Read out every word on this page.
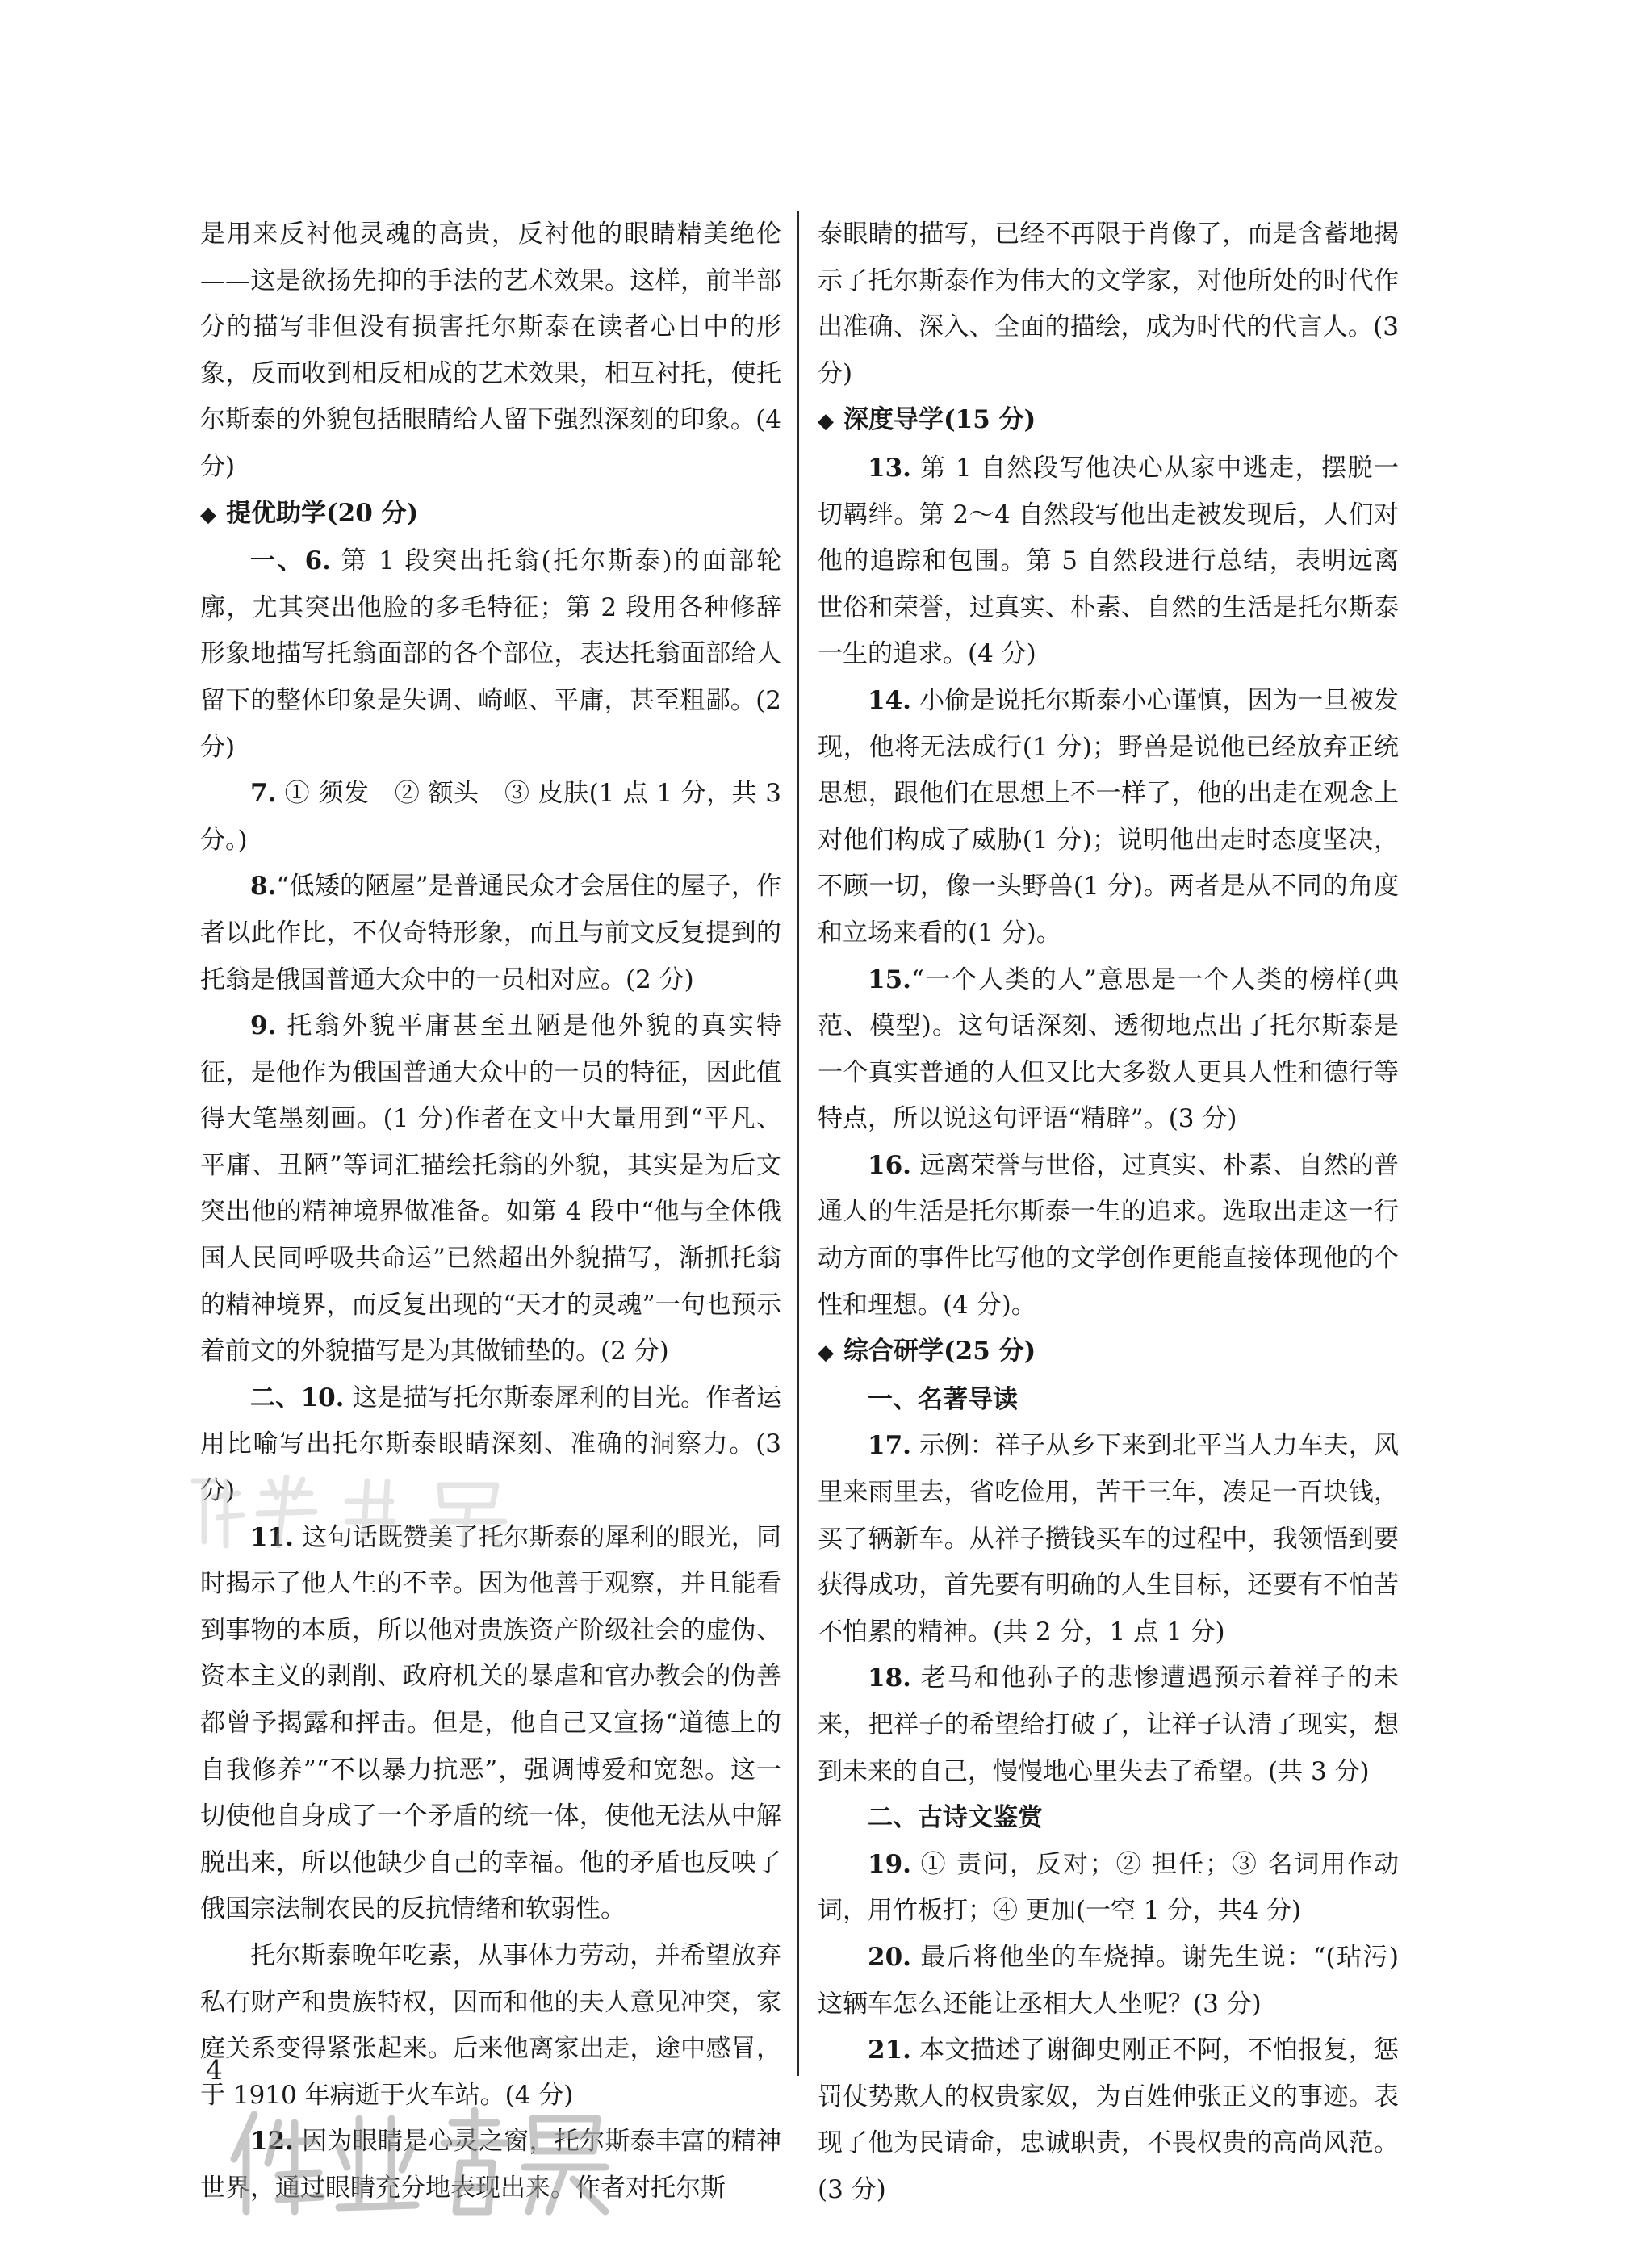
是用来反衬他灵魂的高贵，反衬他的眼睛精美绝伦——这是欲扬先抑的手法的艺术效果。这样，前半部分的描写非但没有损害托尔斯泰在读者心目中的形象，反而收到相反相成的艺术效果，相互衬托，使托尔斯泰的外貌包括眼睛给人留下强烈深刻的印象。(4 分)

◆ 提优助学(20 分)

一、6. 第 1 段突出托翁(托尔斯泰)的面部轮廓，尤其突出他脸的多毛特征；第 2 段用各种修辞形象地描写托翁面部的各个部位，表达托翁面部给人留下的整体印象是失调、崎岖、平庸，甚至粗鄙。(2 分)

7. ① 须发　② 额头　③ 皮肤(1 点 1 分，共 3 分。)

8.“低矮的陋屋”是普通民众才会居住的屋子，作者以此作比，不仅奇特形象，而且与前文反复提到的托翁是俄国普通大众中的一员相对应。(2 分)

9. 托翁外貌平庸甚至丑陋是他外貌的真实特征，是他作为俄国普通大众中的一员的特征，因此值得大笔墨刻画。(1 分)作者在文中大量用到“平凡、平庸、丑陋”等词汇描绘托翁的外貌，其实是为后文突出他的精神境界做准备。如第 4 段中“他与全体俄国人民同呼吸共命运”已然超出外貌描写，渐抓托翁的精神境界，而反复出现的“天才的灵魂”一句也预示着前文的外貌描写是为其做铺垫的。(2 分)

二、10. 这是描写托尔斯泰犀利的目光。作者运用比喻写出托尔斯泰眼睛深刻、准确的洞察力。(3 分)

11. 这句话既赞美了托尔斯泰的犀利的眼光，同时揭示了他人生的不幸。因为他善于观察，并且能看到事物的本质，所以他对贵族资产阶级社会的虚伪、资本主义的剥削、政府机关的暴虐和官办教会的伪善都曾予揭露和抨击。但是，他自己又宣扬“道德上的自我修养”“不以暴力抗恶”，强调博爱和宽恕。这一切使他自身成了一个矛盾的统一体，使他无法从中解脱出来，所以他缺少自己的幸福。他的矛盾也反映了俄国宗法制农民的反抗情绪和软弱性。

托尔斯泰晚年吃素，从事体力劳动，并希望放弃私有财产和贵族特权，因而和他的夫人意见冲突，家庭关系变得紧张起来。后来他离家出走，途中感冒，于 1910 年病逝于火车站。(4 分)

12. 因为眼睛是心灵之窗，托尔斯泰丰富的精神世界，通过眼睛充分地表现出来。作者对托尔斯

泰眼睛的描写，已经不再限于肖像了，而是含蓄地揭示了托尔斯泰作为伟大的文学家，对他所处的时代作出准确、深入、全面的描绘，成为时代的代言人。(3 分)

◆ 深度导学(15 分)

13. 第 1 自然段写他决心从家中逃走，摆脱一切羁绊。第 2～4 自然段写他出走被发现后，人们对他的追踪和包围。第 5 自然段进行总结，表明远离世俗和荣誉，过真实、朴素、自然的生活是托尔斯泰一生的追求。(4 分)

14. 小偷是说托尔斯泰小心谨慎，因为一旦被发现，他将无法成行(1 分)；野兽是说他已经放弃正统思想，跟他们在思想上不一样了，他的出走在观念上对他们构成了威胁(1 分)；说明他出走时态度坚决，不顾一切，像一头野兽(1 分)。两者是从不同的角度和立场来看的(1 分)。

15.“一个人类的人”意思是一个人类的榜样(典范、模型)。这句话深刻、透彻地点出了托尔斯泰是一个真实普通的人但又比大多数人更具人性和德行等特点，所以说这句评语“精辟”。(3 分)

16. 远离荣誉与世俗，过真实、朴素、自然的普通人的生活是托尔斯泰一生的追求。选取出走这一行动方面的事件比写他的文学创作更能直接体现他的个性和理想。(4 分)。

◆ 综合研学(25 分)

一、名著导读

17. 示例：祥子从乡下来到北平当人力车夫，风里来雨里去，省吃俭用，苦干三年，凑足一百块钱，买了辆新车。从祥子攒钱买车的过程中，我领悟到要获得成功，首先要有明确的人生目标，还要有不怕苦不怕累的精神。(共 2 分，1 点 1 分)

18. 老马和他孙子的悲惨遭遇预示着祥子的未来，把祥子的希望给打破了，让祥子认清了现实，想到未来的自己，慢慢地心里失去了希望。(共 3 分)

二、古诗文鉴赏

19. ① 责问，反对；② 担任；③ 名词用作动词，用竹板打；④ 更加(一空 1 分，共4 分)

20. 最后将他坐的车烧掉。谢先生说：“(玷污)这辆车怎么还能让丞相大人坐呢？(3 分)

21. 本文描述了谢御史刚正不阿，不怕报复，惩罚仗势欺人的权贵家奴，为百姓伸张正义的事迹。表现了他为民请命，忠诚职责，不畏权贵的高尚风范。(3 分)

4
